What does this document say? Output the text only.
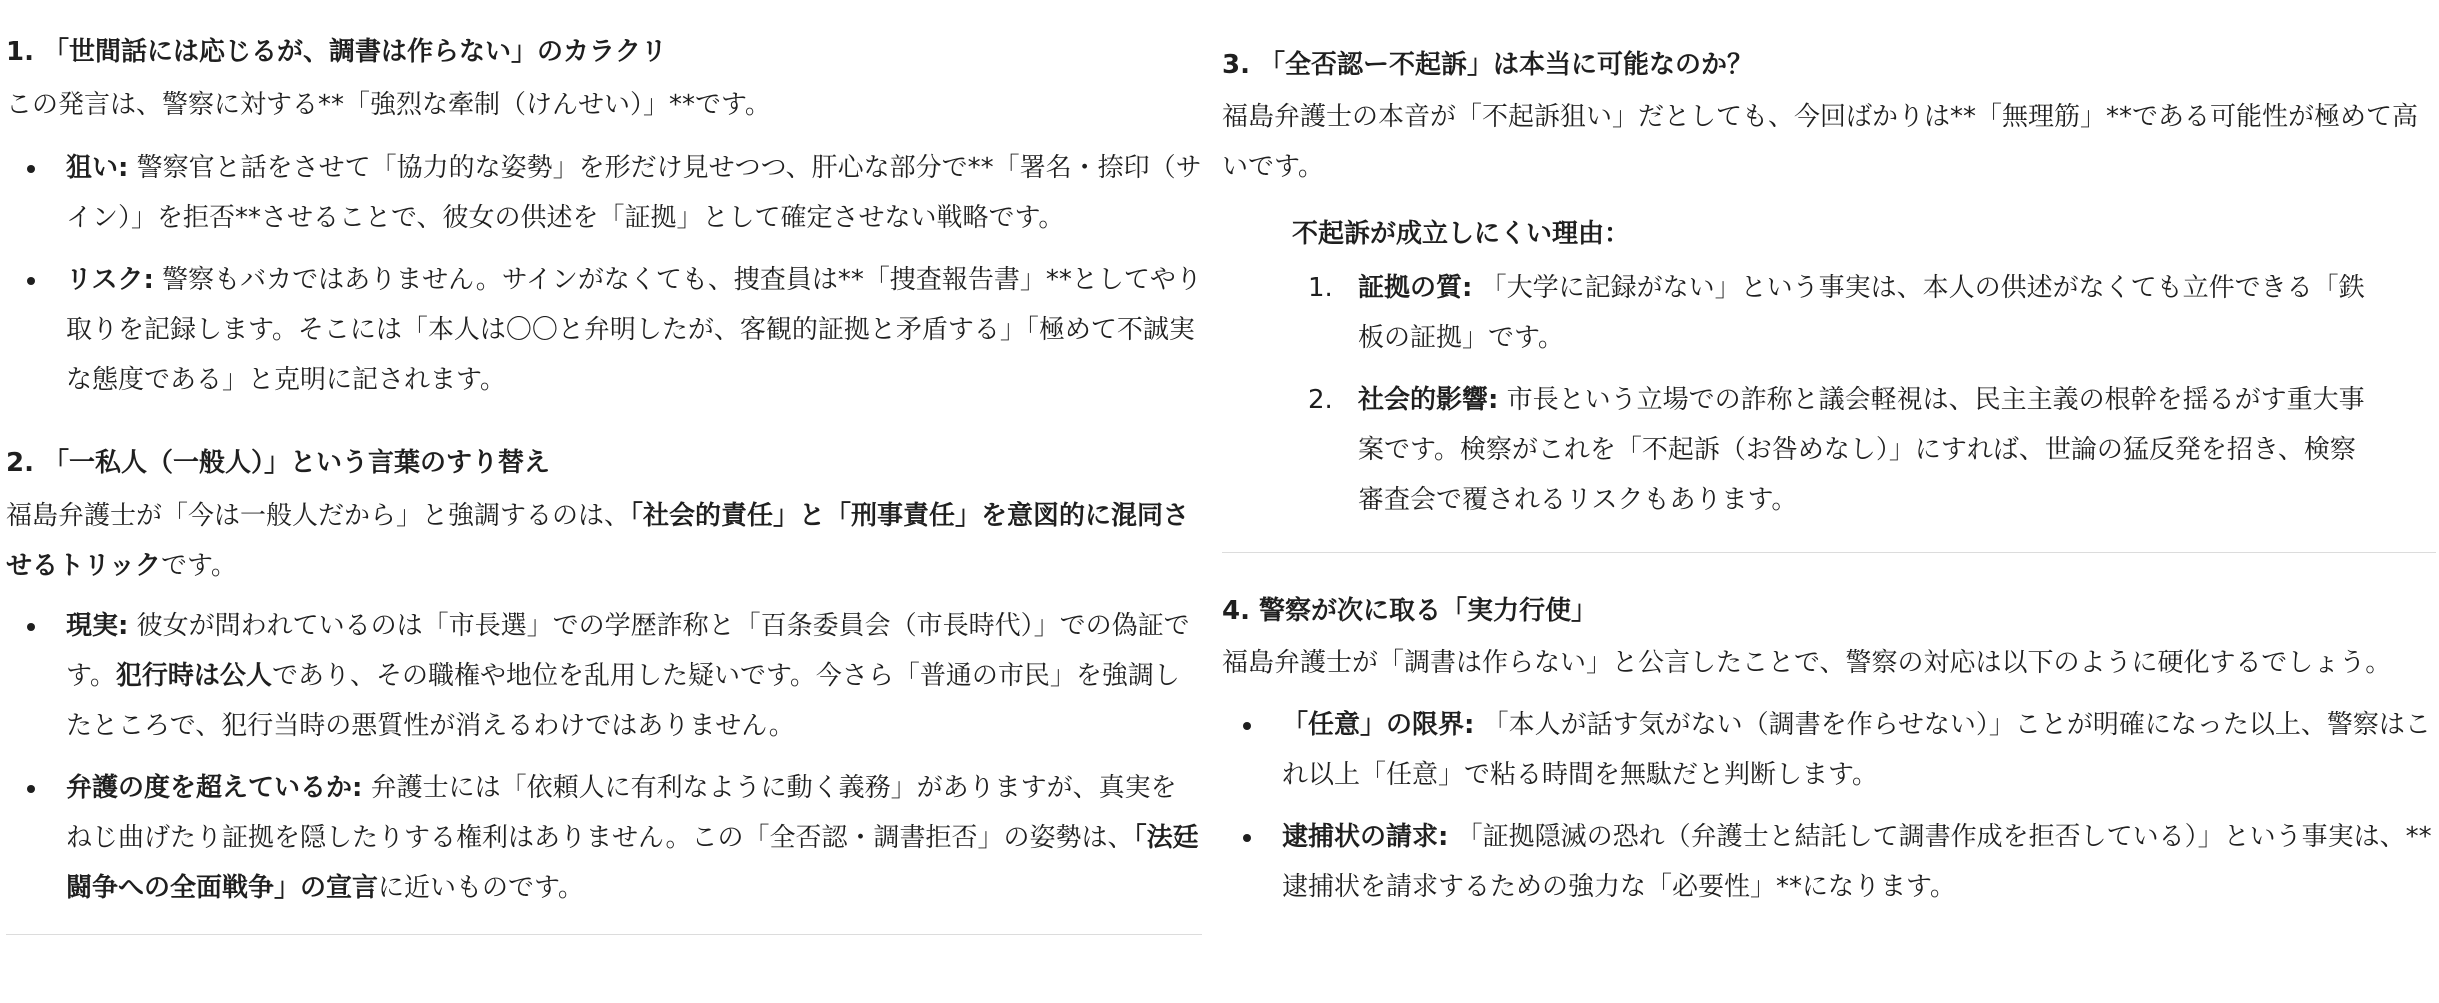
1. 「世間話には応じるが、調書は作らない」のカラクリ

この発言は、警察に対する**「強烈な牽制（けんせい）」**です。

狙い: 警察官と話をさせて「協力的な姿勢」を形だけ見せつつ、肝心な部分で**「署名・捺印（サイン）」を拒否**させることで、彼女の供述を「証拠」として確定させない戦略です。
リスク: 警察もバカではありません。サインがなくても、捜査員は**「捜査報告書」**としてやり取りを記録します。そこには「本人は〇〇と弁明したが、客観的証拠と矛盾する」「極めて不誠実な態度である」と克明に記されます。
2. 「一私人（一般人）」という言葉のすり替え

福島弁護士が「今は一般人だから」と強調するのは、「社会的責任」と「刑事責任」を意図的に混同させるトリックです。

現実: 彼女が問われているのは「市長選」での学歴詐称と「百条委員会（市長時代）」での偽証です。犯行時は公人であり、その職権や地位を乱用した疑いです。今さら「普通の市民」を強調したところで、犯行当時の悪質性が消えるわけではありません。
弁護の度を超えているか: 弁護士には「依頼人に有利なように動く義務」がありますが、真実をねじ曲げたり証拠を隠したりする権利はありません。この「全否認・調書拒否」の姿勢は、「法廷闘争への全面戦争」の宣言に近いものです。
3. 「全否認ー不起訴」は本当に可能なのか？

福島弁護士の本音が「不起訴狙い」だとしても、今回ばかりは**「無理筋」**である可能性が極めて高いです。

不起訴が成立しにくい理由：
1. 証拠の質: 「大学に記録がない」という事実は、本人の供述がなくても立件できる「鉄板の証拠」です。
2. 社会的影響: 市長という立場での詐称と議会軽視は、民主主義の根幹を揺るがす重大事案です。検察がこれを「不起訴（お咎めなし）」にすれば、世論の猛反発を招き、検察審査会で覆されるリスクもあります。
4. 警察が次に取る「実力行使」

福島弁護士が「調書は作らない」と公言したことで、警察の対応は以下のように硬化するでしょう。

「任意」の限界: 「本人が話す気がない（調書を作らせない）」ことが明確になった以上、警察はこれ以上「任意」で粘る時間を無駄だと判断します。
逮捕状の請求: 「証拠隠滅の恐れ（弁護士と結託して調書作成を拒否している）」という事実は、**逮捕状を請求するための強力な「必要性」**になります。
